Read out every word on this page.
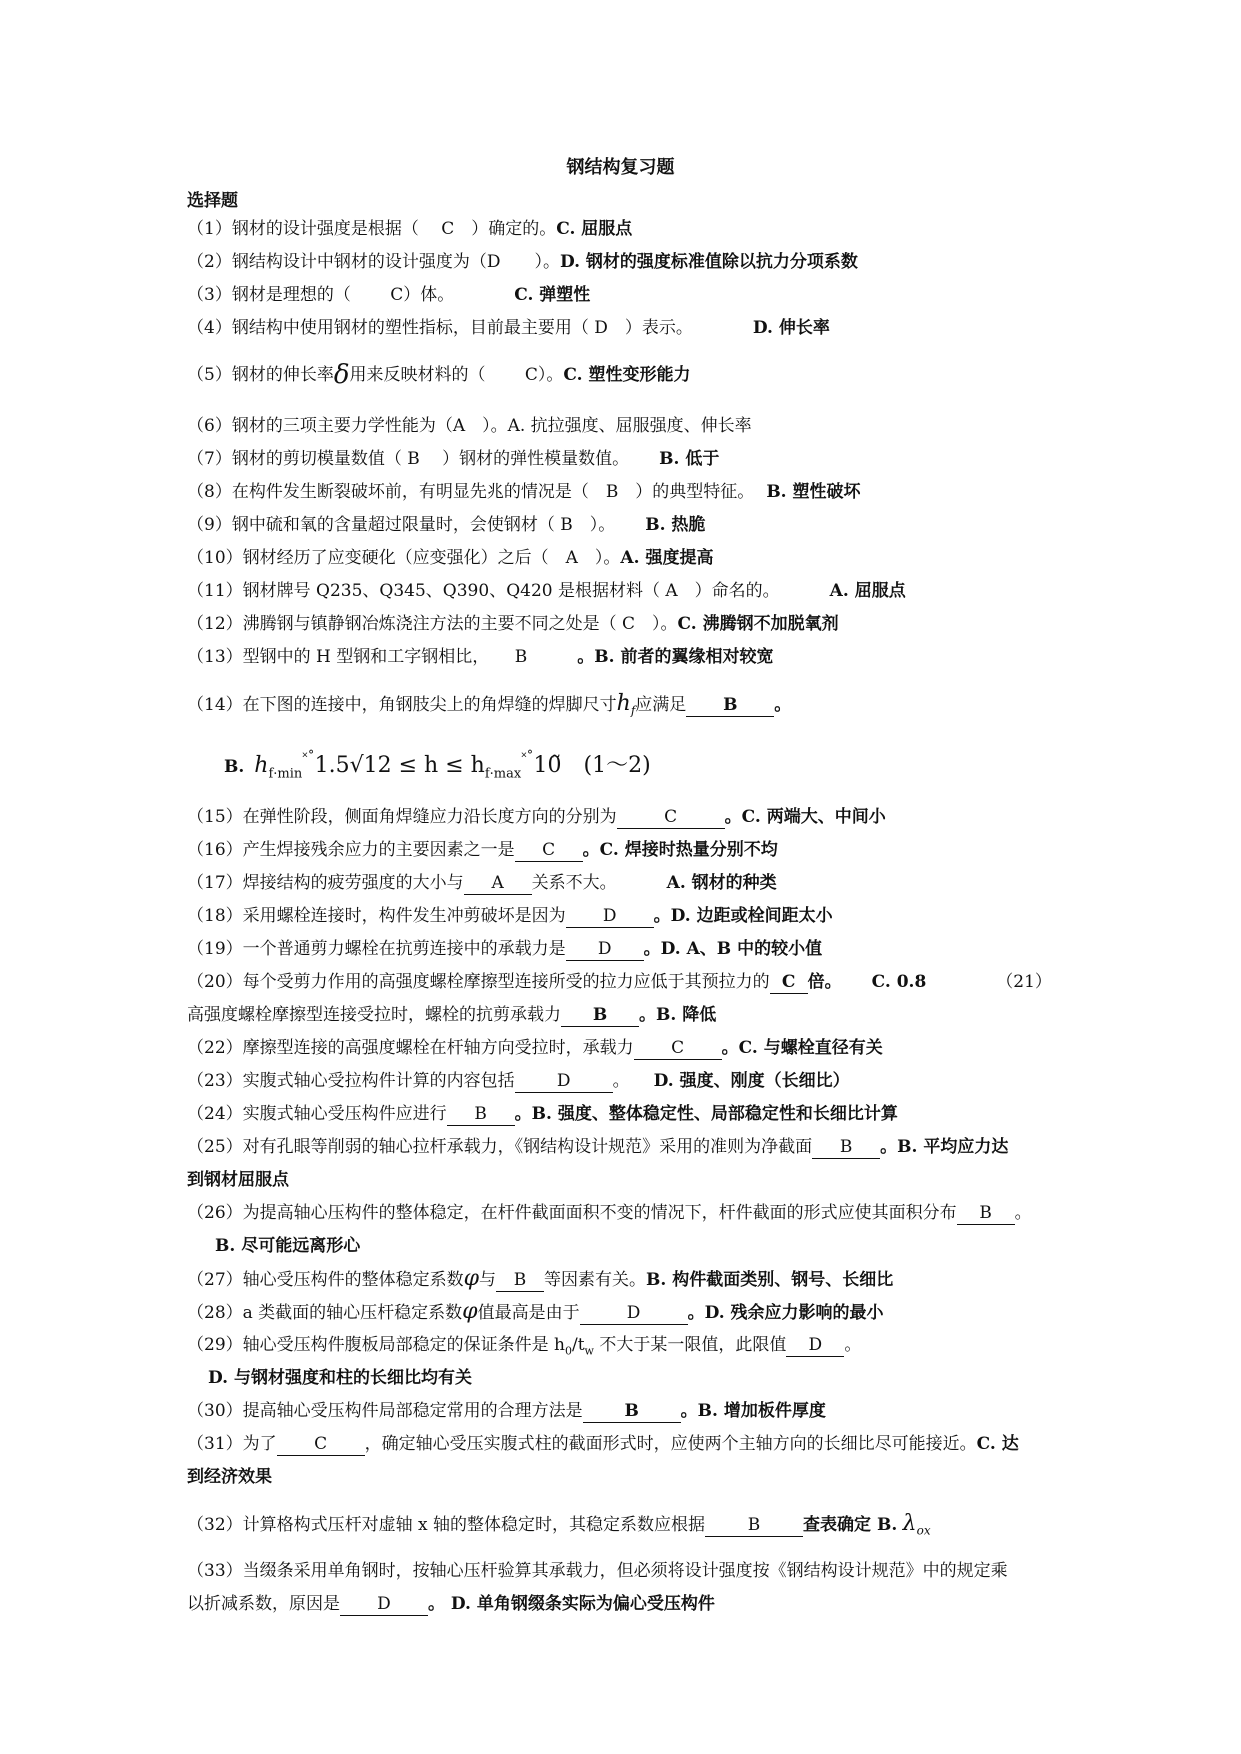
钢结构复习题
选择题
（1）钢材的设计强度是根据（　 C　）确定的。C. 屈服点
（2）钢结构设计中钢材的设计强度为（D　　）。D. 钢材的强度标准值除以抗力分项系数
（3）钢材是理想的（　　 C）体。	C. 弹塑性
（4）钢结构中使用钢材的塑性指标，目前最主要用（ D　）表示。	D. 伸长率
（5）钢材的伸长率δ用来反映材料的（　　 C）。C. 塑性变形能力
（6）钢材的三项主要力学性能为（A　）。A. 抗拉强度、屈服强度、伸长率
（7）钢材的剪切模量数值（ B　 ）钢材的弹性模量数值。 B. 低于
（8）在构件发生断裂破坏前，有明显先兆的情况是（　B　）的典型特征。 B. 塑性破坏
（9）钢中硫和氧的含量超过限量时，会使钢材（ B　）。 B. 热脆
（10）钢材经历了应变硬化（应变强化）之后（　A　）。A. 强度提高
（11）钢材牌号 Q235、Q345、Q390、Q420 是根据材料（ A　）命名的。	A. 屈服点
（12）沸腾钢与镇静钢冶炼浇注方法的主要不同之处是（ C　）。C. 沸腾钢不加脱氧剂
（13）型钢中的 H 型钢和工字钢相比，　　B	。B. 前者的翼缘相对较宽
（14）在下图的连接中，角钢肢尖上的角焊缝的焊脚尺寸$h_f$应满足 B 。
B. $h_{f\cdot min}^{˟˚}1.5√12 \le h$ ≤ $h_{f\cdot max}^{˟˚}10̃$　(1～2)
（15）在弹性阶段，侧面角焊缝应力沿长度方向的分别为	C	。C. 两端大、中间小
（16）产生焊接残余应力的主要因素之一是 C 。C. 焊接时热量分别不均
（17）焊接结构的疲劳强度的大小与 A 关系不大。	A. 钢材的种类
（18）采用螺栓连接时，构件发生冲剪破坏是因为 D 。D. 边距或栓间距太小
（19）一个普通剪力螺栓在抗剪连接中的承载力是 D 。D. A、B 中的较小值
（20）每个受剪力作用的高强度螺栓摩擦型连接所受的拉力应低于其预拉力的 C 倍。 C. 0.8	（21）
高强度螺栓摩擦型连接受拉时，螺栓的抗剪承载力 B 。B. 降低
（22）摩擦型连接的高强度螺栓在杆轴方向受拉时，承载力 C 。C. 与螺栓直径有关
（23）实腹式轴心受拉构件计算的内容包括 D 。 D. 强度、刚度（长细比）
（24）实腹式轴心受压构件应进行 B 。B. 强度、整体稳定性、局部稳定性和长细比计算
（25）对有孔眼等削弱的轴心拉杆承载力，《钢结构设计规范》采用的准则为净截面 B 。B. 平均应力达
到钢材屈服点
（26）为提高轴心压构件的整体稳定，在杆件截面面积不变的情况下，杆件截面的形式应使其面积分布 B 。
B. 尽可能远离形心
（27）轴心受压构件的整体稳定系数φ与 B 等因素有关。B. 构件截面类别、钢号、长细比
（28）a 类截面的轴心压杆稳定系数φ值最高是由于	D	。D. 残余应力影响的最小
（29）轴心受压构件腹板局部稳定的保证条件是 $h_0/t_w$ 不大于某一限值，此限值 D 。
D. 与钢材强度和柱的长细比均有关
（30）提高轴心受压构件局部稳定常用的合理方法是 B 。B. 增加板件厚度
（31）为了 C ，确定轴心受压实腹式柱的截面形式时，应使两个主轴方向的长细比尽可能接近。C. 达
到经济效果
（32）计算格构式压杆对虚轴 x 轴的整体稳定时，其稳定系数应根据	B	查表确定 B. $\lambda_{ox}$
（33）当缀条采用单角钢时，按轴心压杆验算其承载力，但必须将设计强度按《钢结构设计规范》中的规定乘
以折减系数，原因是 D 。 D. 单角钢缀条实际为偏心受压构件
